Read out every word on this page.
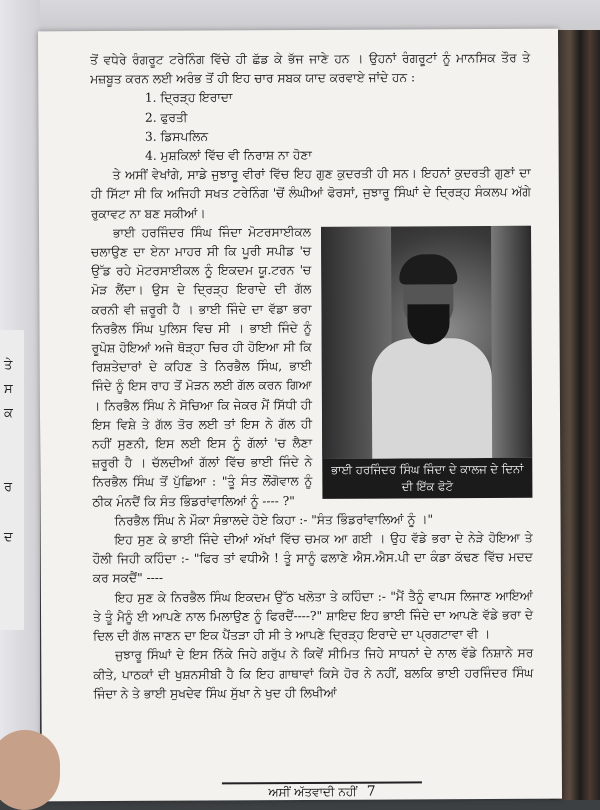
ਤੇ
ਸ
ਕ
ਰ
ਦ

ਤੋਂ ਵਧੇਰੇ ਰੰਗਰੂਟ ਟਰੇਨਿੰਗ ਵਿੱਚੇ ਹੀ ਛੱਡ ਕੇ ਭੱਜ ਜਾਣੇ ਹਨ । ਉਹਨਾਂ ਰੰਗਰੂਟਾਂ ਨੂੰ ਮਾਨਸਿਕ ਤੌਰ ਤੇ ਮਜ਼ਬੂਤ ਕਰਨ ਲਈ ਅਰੰਭ ਤੋਂ ਹੀ ਇਹ ਚਾਰ ਸਬਕ ਯਾਦ ਕਰਵਾਏ ਜਾਂਦੇ ਹਨ :

1. ਦ੍ਰਿੜ੍ਹ ਇਰਾਦਾ
2. ਫੁਰਤੀ
3. ਡਿਸਪਲਿਨ
4. ਮੁਸ਼ਕਿਲਾਂ ਵਿੱਚ ਵੀ ਨਿਰਾਸ਼ ਨਾ ਹੋਣਾ

ਤੇ ਅਸੀਂ ਵੇਖਾਂਗੇ, ਸਾਡੇ ਜੁਝਾਰੂ ਵੀਰਾਂ ਵਿੱਚ ਇਹ ਗੁਣ ਕੁਦਰਤੀ ਹੀ ਸਨ। ਇਹਨਾਂ ਕੁਦਰਤੀ ਗੁਣਾਂ ਦਾ ਹੀ ਸਿੱਟਾ ਸੀ ਕਿ ਅਜਿਹੀ ਸਖਤ ਟਰੇਨਿੰਗ 'ਚੋਂ ਲੰਘੀਆਂ ਫੋਰਸਾਂ, ਜੁਝਾਰੂ ਸਿੰਘਾਂ ਦੇ ਦ੍ਰਿੜ੍ਹ ਸੰਕਲਪ ਅੱਗੇ ਰੁਕਾਵਟ ਨਾ ਬਣ ਸਕੀਆਂ।

ਭਾਈ ਹਰਜਿੰਦਰ ਸਿੰਘ ਜਿੰਦਾ ਦੇ ਕਾਲਜ ਦੇ ਦਿਨਾਂ ਦੀ ਇੱਕ ਫੋਟੋ

ਭਾਈ ਹਰਜਿੰਦਰ ਸਿੰਘ ਜਿੰਦਾ ਮੋਟਰਸਾਈਕਲ ਚਲਾਉਣ ਦਾ ਏਨਾ ਮਾਹਰ ਸੀ ਕਿ ਪੂਰੀ ਸਪੀਡ 'ਚ ਉੱਡ ਰਹੇ ਮੋਟਰਸਾਈਕਲ ਨੂੰ ਇਕਦਮ ਯੂ.ਟਰਨ 'ਚ ਮੋੜ ਲੈਂਦਾ। ਉਸ ਦੇ ਦ੍ਰਿੜ੍ਹ ਇਰਾਦੇ ਦੀ ਗੱਲ ਕਰਨੀ ਵੀ ਜ਼ਰੂਰੀ ਹੈ । ਭਾਈ ਜਿੰਦੇ ਦਾ ਵੱਡਾ ਭਰਾ ਨਿਰਭੈਲ ਸਿੰਘ ਪੁਲਿਸ ਵਿਚ ਸੀ । ਭਾਈ ਜਿੰਦੇ ਨੂੰ ਰੂਪੋਸ਼ ਹੋਇਆਂ ਅਜੇ ਥੋੜ੍ਹਾ ਚਿਰ ਹੀ ਹੋਇਆ ਸੀ ਕਿ ਰਿਸ਼ਤੇਦਾਰਾਂ ਦੇ ਕਹਿਣ ਤੇ ਨਿਰਭੈਲ ਸਿੰਘ, ਭਾਈ ਜਿੰਦੇ ਨੂੰ ਇਸ ਰਾਹ ਤੋਂ ਮੋੜਨ ਲਈ ਗੱਲ ਕਰਨ ਗਿਆ । ਨਿਰਭੈਲ ਸਿੰਘ ਨੇ ਸੋਚਿਆ ਕਿ ਜੇਕਰ ਮੈਂ ਸਿੱਧੀ ਹੀ ਇਸ ਵਿਸ਼ੇ ਤੇ ਗੱਲ ਤੋਰ ਲਈ ਤਾਂ ਇਸ ਨੇ ਗੱਲ ਹੀ ਨਹੀਂ ਸੁਣਨੀ, ਇਸ ਲਈ ਇਸ ਨੂੰ ਗੱਲਾਂ 'ਚ ਲੈਣਾ ਜ਼ਰੂਰੀ ਹੈ । ਚੱਲਦੀਆਂ ਗੱਲਾਂ ਵਿੱਚ ਭਾਈ ਜਿੰਦੇ ਨੇ ਨਿਰਭੈਲ ਸਿੰਘ ਤੋਂ ਪੁੱਛਿਆ : "ਤੂੰ ਸੰਤ ਲੌਂਗੋਵਾਲ ਨੂੰ ਠੀਕ ਮੰਨਦੈਂ ਕਿ ਸੰਤ ਭਿੰਡਰਾਂਵਾਲਿਆਂ ਨੂੰ ---- ?"

ਨਿਰਭੈਲ ਸਿੰਘ ਨੇ ਮੌਕਾ ਸੰਭਾਲਦੇ ਹੋਏ ਕਿਹਾ :- "ਸੰਤ ਭਿੰਡਰਾਂਵਾਲਿਆਂ ਨੂੰ ।"

ਇਹ ਸੁਣ ਕੇ ਭਾਈ ਜਿੰਦੇ ਦੀਆਂ ਅੱਖਾਂ ਵਿੱਚ ਚਮਕ ਆ ਗਈ । ਉਹ ਵੱਡੇ ਭਰਾ ਦੇ ਨੇੜੇ ਹੋਇਆ ਤੇ ਹੌਲੀ ਜਿਹੀ ਕਹਿੰਦਾ :- "ਫਿਰ ਤਾਂ ਵਧੀਐ ! ਤੂੰ ਸਾਨੂੰ ਫਲਾਣੇ ਐਸ.ਐਸ.ਪੀ ਦਾ ਕੰਡਾ ਕੱਢਣ ਵਿੱਚ ਮਦਦ ਕਰ ਸਕਦੈਂ" ----

ਇਹ ਸੁਣ ਕੇ ਨਿਰਭੈਲ ਸਿੰਘ ਇਕਦਮ ਉੱਠ ਖਲੋਤਾ ਤੇ ਕਹਿੰਦਾ :- "ਮੈਂ ਤੈਨੂੰ ਵਾਪਸ ਲਿਜਾਣ ਆਇਆਂ ਤੇ ਤੂੰ ਮੈਨੂੰ ਈ ਆਪਣੇ ਨਾਲ ਮਿਲਾਉਣ ਨੂੰ ਫਿਰਦੈਂ----?" ਸ਼ਾਇਦ ਇਹ ਭਾਈ ਜਿੰਦੇ ਦਾ ਆਪਣੇ ਵੱਡੇ ਭਰਾ ਦੇ ਦਿਲ ਦੀ ਗੱਲ ਜਾਣਨ ਦਾ ਇਕ ਪੈਂਤੜਾ ਹੀ ਸੀ ਤੇ ਆਪਣੇ ਦ੍ਰਿੜ੍ਹ ਇਰਾਦੇ ਦਾ ਪ੍ਰਗਟਾਵਾ ਵੀ ।

ਜੁਝਾਰੂ ਸਿੰਘਾਂ ਦੇ ਇਸ ਨਿੱਕੇ ਜਿਹੇ ਗਰੁੱਪ ਨੇ ਕਿਵੇਂ ਸੀਮਿਤ ਜਿਹੇ ਸਾਧਨਾਂ ਦੇ ਨਾਲ ਵੱਡੇ ਨਿਸ਼ਾਨੇ ਸਰ ਕੀਤੇ, ਪਾਠਕਾਂ ਦੀ ਖੁਸ਼ਨਸੀਬੀ ਹੈ ਕਿ ਇਹ ਗਾਥਾਵਾਂ ਕਿਸੇ ਹੋਰ ਨੇ ਨਹੀਂ, ਬਲਕਿ ਭਾਈ ਹਰਜਿੰਦਰ ਸਿੰਘ ਜਿੰਦਾ ਨੇ ਤੇ ਭਾਈ ਸੁਖਦੇਵ ਸਿੰਘ ਸੁੱਖਾ ਨੇ ਖੁਦ ਹੀ ਲਿਖੀਆਂ

ਅਸੀਂ ਅੱਤਵਾਦੀ ਨਹੀਂ 7
